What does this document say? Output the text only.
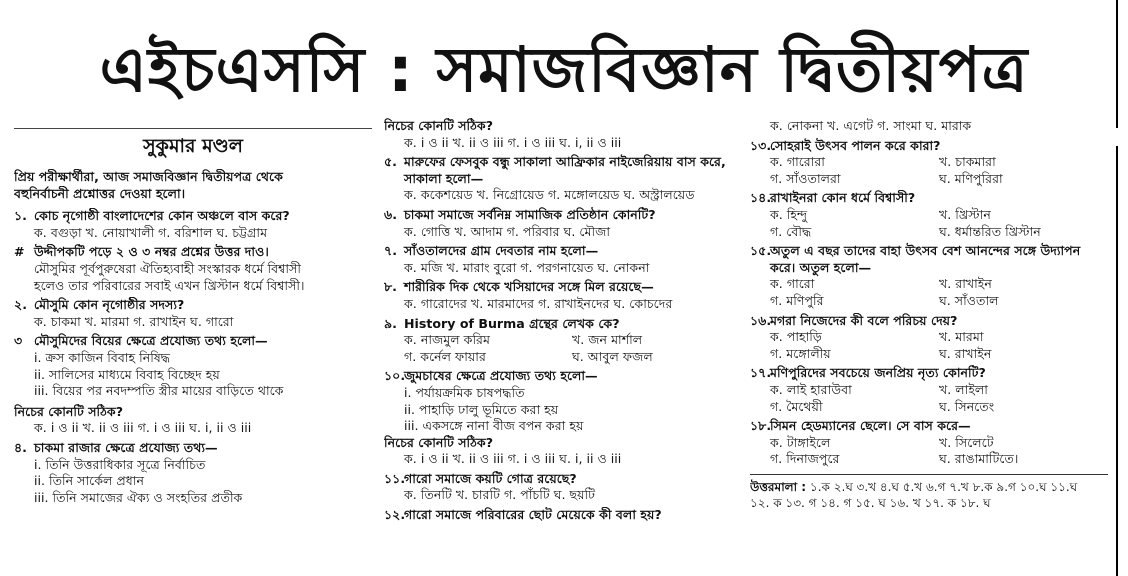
এইচএসসি : সমাজবিজ্ঞান দ্বিতীয়পত্র
সুকুমার মণ্ডল
প্রিয় পরীক্ষার্থীরা, আজ সমাজবিজ্ঞান দ্বিতীয়পত্র থেকে
বহুনির্বাচনী প্রশ্নোত্তর দেওয়া হলো।
১. কোচ নৃগোষ্ঠী বাংলাদেশের কোন অঞ্চলে বাস করে?
ক. বগুড়া খ. নোয়াখালী গ. বরিশাল ঘ. চট্টগ্রাম
# উদ্দীপকটি পড়ে ২ ও ৩ নম্বর প্রশ্নের উত্তর দাও।
মৌসুমির পূর্বপুরুষেরা ঐতিহ্যবাহী সংস্কারক ধর্মে বিশ্বাসী
হলেও তার পরিবারের সবাই এখন খ্রিস্টান ধর্মে বিশ্বাসী।
২. মৌসুমি কোন নৃগোষ্ঠীর সদস্য?
ক. চাকমা খ. মারমা গ. রাখাইন ঘ. গারো
৩ মৌসুমিদের বিয়ের ক্ষেত্রে প্রযোজ্য তথ্য হলো—
i. ক্রস কাজিন বিবাহ নিষিদ্ধ
ii. সালিসের মাধ্যমে বিবাহ বিচ্ছেদ হয়
iii. বিয়ের পর নবদম্পতি স্ত্রীর মায়ের বাড়িতে থাকে
নিচের কোনটি সঠিক?
ক. i ও ii খ. ii ও iii গ. i ও iii ঘ. i, ii ও iii
৪. চাকমা রাজার ক্ষেত্রে প্রযোজ্য তথ্য—
i. তিনি উত্তরাধিকার সূত্রে নির্বাচিত
ii. তিনি সার্কেল প্রধান
iii. তিনি সমাজের ঐক্য ও সংহতির প্রতীক
নিচের কোনটি সঠিক?
ক. i ও ii খ. ii ও iii গ. i ও iii ঘ. i, ii ও iii
৫. মারুফের ফেসবুক বন্ধু সাকালা আফ্রিকার নাইজেরিয়ায় বাস করে, সাকালা হলো—
ক. ককেশয়েড খ. নিগ্রোয়েড গ. মঙ্গোলয়েড ঘ. অস্ট্রালয়েড
৬. চাকমা সমাজে সর্বনিম্ন সামাজিক প্রতিষ্ঠান কোনটি?
ক. গোত্তি খ. আদাম গ. পরিবার ঘ. মৌজা
৭. সাঁওতালদের গ্রাম দেবতার নাম হলো—
ক. মজি খ. মারাং বুরো গ. পরগনায়েত ঘ. নোকনা
৮. শারীরিক দিক থেকে খসিয়াদের সঙ্গে মিল রয়েছে—
ক. গারোদের খ. মারমাদের গ. রাখাইনদের ঘ. কোচদের
৯. History of Burma গ্রন্থের লেখক কে?
ক. নাজমুল করিম	খ. জন মার্শাল
গ. কর্নেল ফায়ার	ঘ. আবুল ফজল
১০.জুমচাষের ক্ষেত্রে প্রযোজ্য তথ্য হলো—
i. পর্যায়ক্রমিক চাষপদ্ধতি
ii. পাহাড়ি ঢালু ভূমিতে করা হয়
iii. একসঙ্গে নানা বীজ বপন করা হয়
নিচের কোনটি সঠিক?
ক. i ও ii খ. ii ও iii গ. i ও iii ঘ. i, ii ও iii
১১.গারো সমাজে কয়টি গোত্র রয়েছে?
ক. তিনটি খ. চারটি গ. পাঁচটি ঘ. ছয়টি
১২.গারো সমাজে পরিবারের ছোট মেয়েকে কী বলা হয়?
ক. নোকনা খ. এগেট গ. সাংমা ঘ. মারাক
১৩.সোহরাই উৎসব পালন করে কারা?
ক. গারোরা	খ. চাকমারা
গ. সাঁওতালরা	ঘ. মণিপুরিরা
১৪.রাখাইনরা কোন ধর্মে বিশ্বাসী?
ক. হিন্দু	খ. খ্রিস্টান
গ. বৌদ্ধ	ঘ. ধর্মান্তরিত খ্রিস্টান
১৫.অতুল এ বছর তাদের বাহা উৎসব বেশ আনন্দের সঙ্গে উদ্যাপন করে। অতুল হলো—
ক. গারো	খ. রাখাইন
গ. মণিপুরি	ঘ. সাঁওতাল
১৬.মগরা নিজেদের কী বলে পরিচয় দেয়?
ক. পাহাড়ি	খ. মারমা
গ. মঙ্গোলীয়	ঘ. রাখাইন
১৭.মণিপুরিদের সবচেয়ে জনপ্রিয় নৃত্য কোনটি?
ক. লাই হারাউবা	খ. লাইলা
গ. মৈথেয়ী	ঘ. সিনতেং
১৮.সিমন হেডম্যানের ছেলে। সে বাস করে—
ক. টাঙ্গাইলে	খ. সিলেটে
গ. দিনাজপুরে	ঘ. রাঙামাটিতে।
উত্তরমালা : ১.ক ২.ঘ ৩.খ ৪.ঘ ৫.খ ৬.গ ৭.খ ৮.ক ৯.গ ১০.ঘ ১১.ঘ
১২. ক ১৩. গ ১৪. গ ১৫. ঘ ১৬. খ ১৭. ক ১৮. ঘ
